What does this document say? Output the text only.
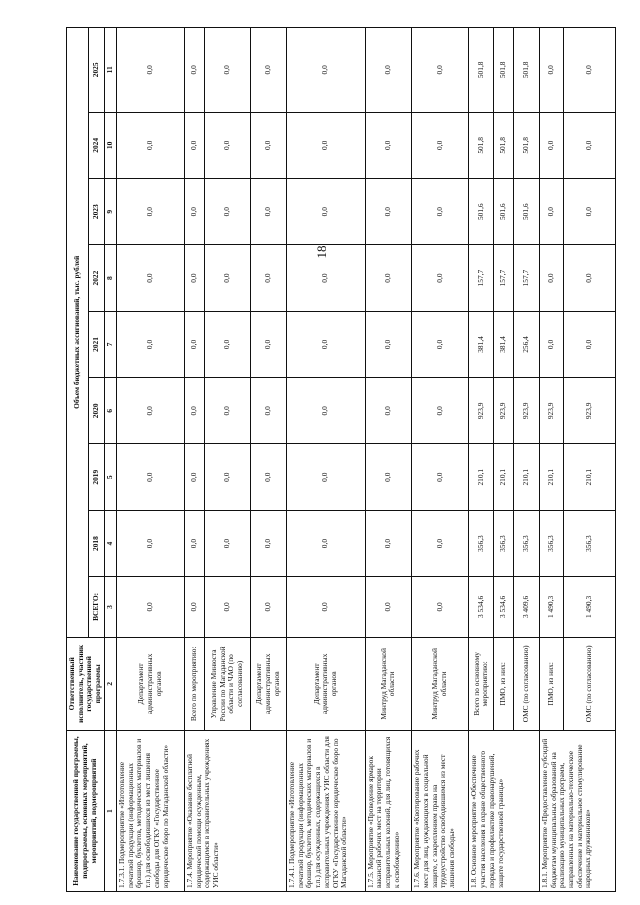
18
Наименование государственной программы, подпрограммы, основных мероприятий, мероприятий, подмероприятий	Ответственный исполнитель, участник государственной программы	Объем бюджетных ассигнований, тыс. рублей								
		ВСЕГО:	2018	2019	2020	2021	2022	2023	2024	2025
1	2	3	4	5	6	7	8	9	10	11
1.7.3.1. Подмероприятие «Изготовление печатной продукции (информационных брошюр, буклетов, методических материалов и т.п.) для освободившихся из мест лишения свободы для ОГКУ «Государственное юридическое бюро по Магаданской области»	Департамент административных органов	0,0	0,0	0,0	0,0	0,0	0,0	0,0	0,0	0,0
1.7.4. Мероприятие «Оказание бесплатной юридической помощи осужденным, содержащимся в исправительных учреждениях УИС области»	Всего по мероприятию:	0,0	0,0	0,0	0,0	0,0	0,0	0,0	0,0	0,0
	Управление Минюста России по Магаданской области и ЧАО (по согласованию)	0,0	0,0	0,0	0,0	0,0	0,0	0,0	0,0	0,0
	Департамент административных органов	0,0	0,0	0,0	0,0	0,0	0,0	0,0	0,0	0,0
1.7.4.1. Подмероприятие «Изготовление печатной продукции (информационных брошюр, буклетов, методических материалов и т.п.) для осужденных, содержащихся в исправительных учреждениях УИС области для ОГКУ «Государственное юридическое бюро по Магаданской области»	Департамент административных органов	0,0	0,0	0,0	0,0	0,0	0,0	0,0	0,0	0,0
1.7.5. Мероприятие «Проведение ярмарок вакансий рабочих мест на территории исправительных колоний, для лиц, готовящихся к освобождению»	Минтруд Магаданской области	0,0	0,0	0,0	0,0	0,0	0,0	0,0	0,0	0,0
1.7.6. Мероприятие «Квотирование рабочих мест для лиц, нуждающихся в социальной защите, с закреплением права на трудоустройство освободившимся из мест лишения свободы»	Минтруд Магаданской области	0,0	0,0	0,0	0,0	0,0	0,0	0,0	0,0	0,0
1.8. Основное мероприятие «Обеспечение участия населения в охране общественного порядка и профилактике правонарушений, защите государственной границы»	Всего по основному мероприятию:	3 534,6	356,3	210,1	923,9	381,4	157,7	501,6	501,8	501,8
	ПМО, из них:	3 534,6	356,3	210,1	923,9	381,4	157,7	501,6	501,8	501,8
	ОМС (по согласованию)	3 409,6	356,3	210,1	923,9	256,4	157,7	501,6	501,8	501,8
1.8.1. Мероприятие «Предоставление субсидий бюджетам муниципальных образований на реализацию муниципальных программ, направленных на материально-техническое обеспечение и материальное стимулирование народных дружинников»	ПМО, из них:	1 490,3	356,3	210,1	923,9	0,0	0,0	0,0	0,0	0,0
	ОМС (по согласованию)	1 490,3	356,3	210,1	923,9	0,0	0,0	0,0	0,0	0,0
